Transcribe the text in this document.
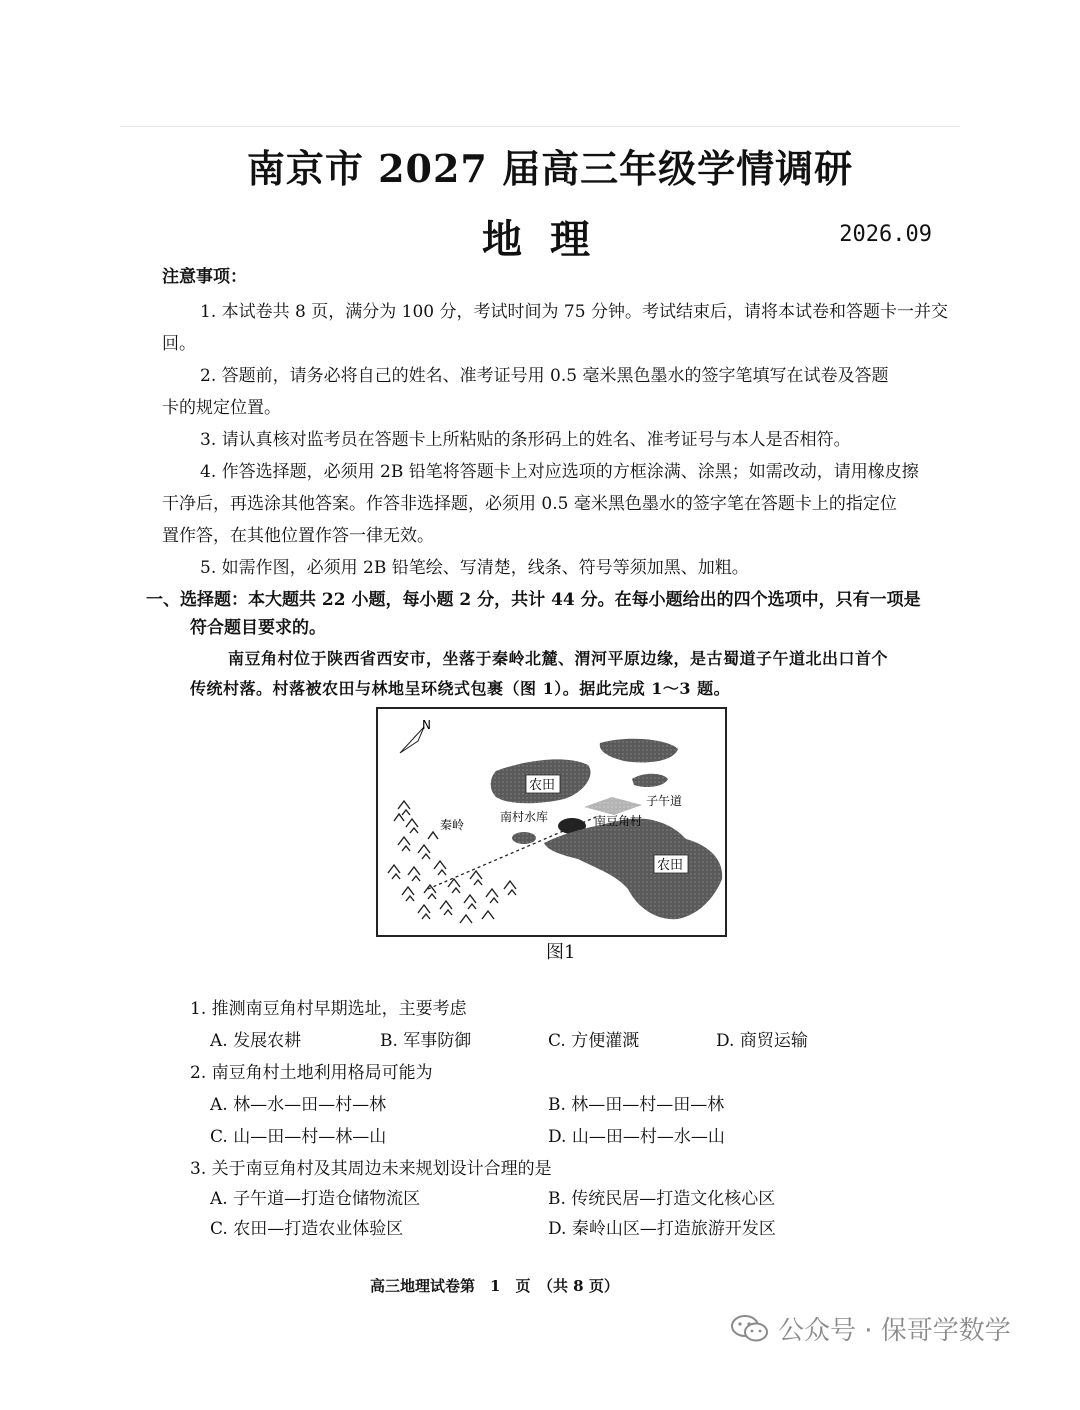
南京市 2027 届高三年级学情调研
地理	2026.09
注意事项：
1. 本试卷共 8 页，满分为 100 分，考试时间为 75 分钟。考试结束后，请将本试卷和答题卡一并交
回。
2. 答题前，请务必将自己的姓名、准考证号用 0.5 毫米黑色墨水的签字笔填写在试卷及答题
卡的规定位置。
3. 请认真核对监考员在答题卡上所粘贴的条形码上的姓名、准考证号与本人是否相符。
4. 作答选择题，必须用 2B 铅笔将答题卡上对应选项的方框涂满、涂黑；如需改动，请用橡皮擦
干净后，再选涂其他答案。作答非选择题，必须用 0.5 毫米黑色墨水的签字笔在答题卡上的指定位
置作答，在其他位置作答一律无效。
5. 如需作图，必须用 2B 铅笔绘、写清楚，线条、符号等须加黑、加粗。
一、选择题：本大题共 22 小题，每小题 2 分，共计 44 分。在每小题给出的四个选项中，只有一项是
符合题目要求的。
南豆角村位于陕西省西安市，坐落于秦岭北麓、渭河平原边缘，是古蜀道子午道北出口首个
传统村落。村落被农田与林地呈环绕式包裹（图 1）。据此完成 1～3 题。
N
农田
农田
子午道
南村水库	南豆角村
秦岭
图1
1. 推测南豆角村早期选址，主要考虑
A. 发展农耕	B. 军事防御	C. 方便灌溉	D. 商贸运输
2. 南豆角村土地利用格局可能为
A. 林—水—田—村—林	B. 林—田—村—田—林
C. 山—田—村—林—山	D. 山—田—村—水—山
3. 关于南豆角村及其周边未来规划设计合理的是
A. 子午道—打造仓储物流区	B. 传统民居—打造文化核心区
C. 农田—打造农业体验区	D. 秦岭山区—打造旅游开发区
高三地理试卷第　1　页　（共 8 页）
公众号 · 保哥学数学
